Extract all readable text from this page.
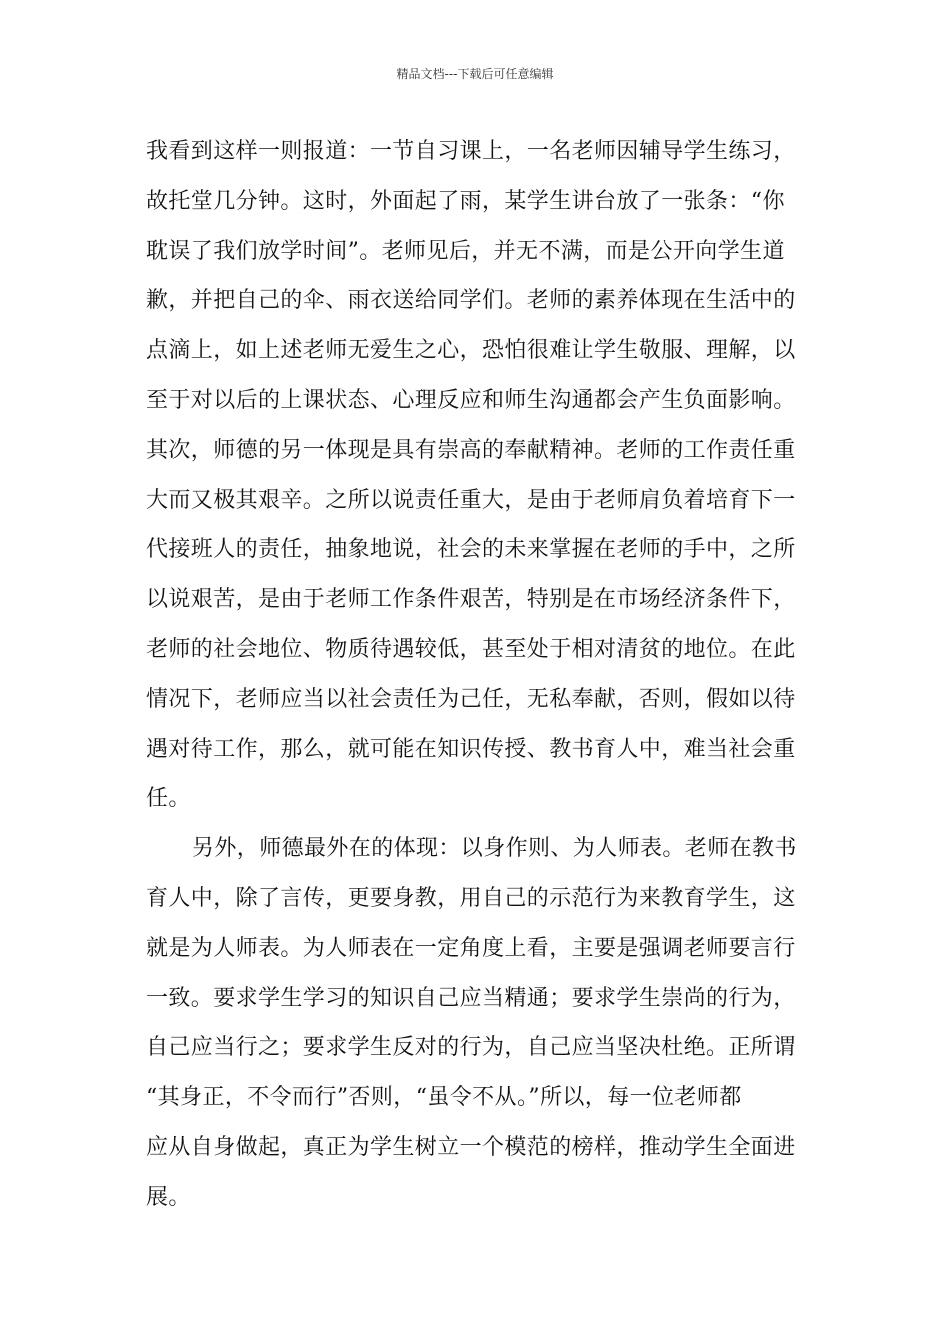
精品文档---下载后可任意编辑
我看到这样一则报道：一节自习课上，一名老师因辅导学生练习，
故托堂几分钟。这时，外面起了雨，某学生讲台放了一张条：“你
耽误了我们放学时间”。老师见后，并无不满，而是公开向学生道
歉，并把自己的伞、雨衣送给同学们。老师的素养体现在生活中的
点滴上，如上述老师无爱生之心，恐怕很难让学生敬服、理解，以
至于对以后的上课状态、心理反应和师生沟通都会产生负面影响。
其次，师德的另一体现是具有崇高的奉献精神。老师的工作责任重
大而又极其艰辛。之所以说责任重大，是由于老师肩负着培育下一
代接班人的责任，抽象地说，社会的未来掌握在老师的手中，之所
以说艰苦，是由于老师工作条件艰苦，特别是在市场经济条件下，
老师的社会地位、物质待遇较低，甚至处于相对清贫的地位。在此
情况下，老师应当以社会责任为己任，无私奉献，否则，假如以待
遇对待工作，那么，就可能在知识传授、教书育人中，难当社会重
任。
另外，师德最外在的体现：以身作则、为人师表。老师在教书
育人中，除了言传，更要身教，用自己的示范行为来教育学生，这
就是为人师表。为人师表在一定角度上看，主要是强调老师要言行
一致。要求学生学习的知识自己应当精通；要求学生崇尚的行为，
自己应当行之；要求学生反对的行为，自己应当坚决杜绝。正所谓
“其身正，不令而行”否则，“虽令不从。”所以，每一位老师都
应从自身做起，真正为学生树立一个模范的榜样，推动学生全面进
展。
